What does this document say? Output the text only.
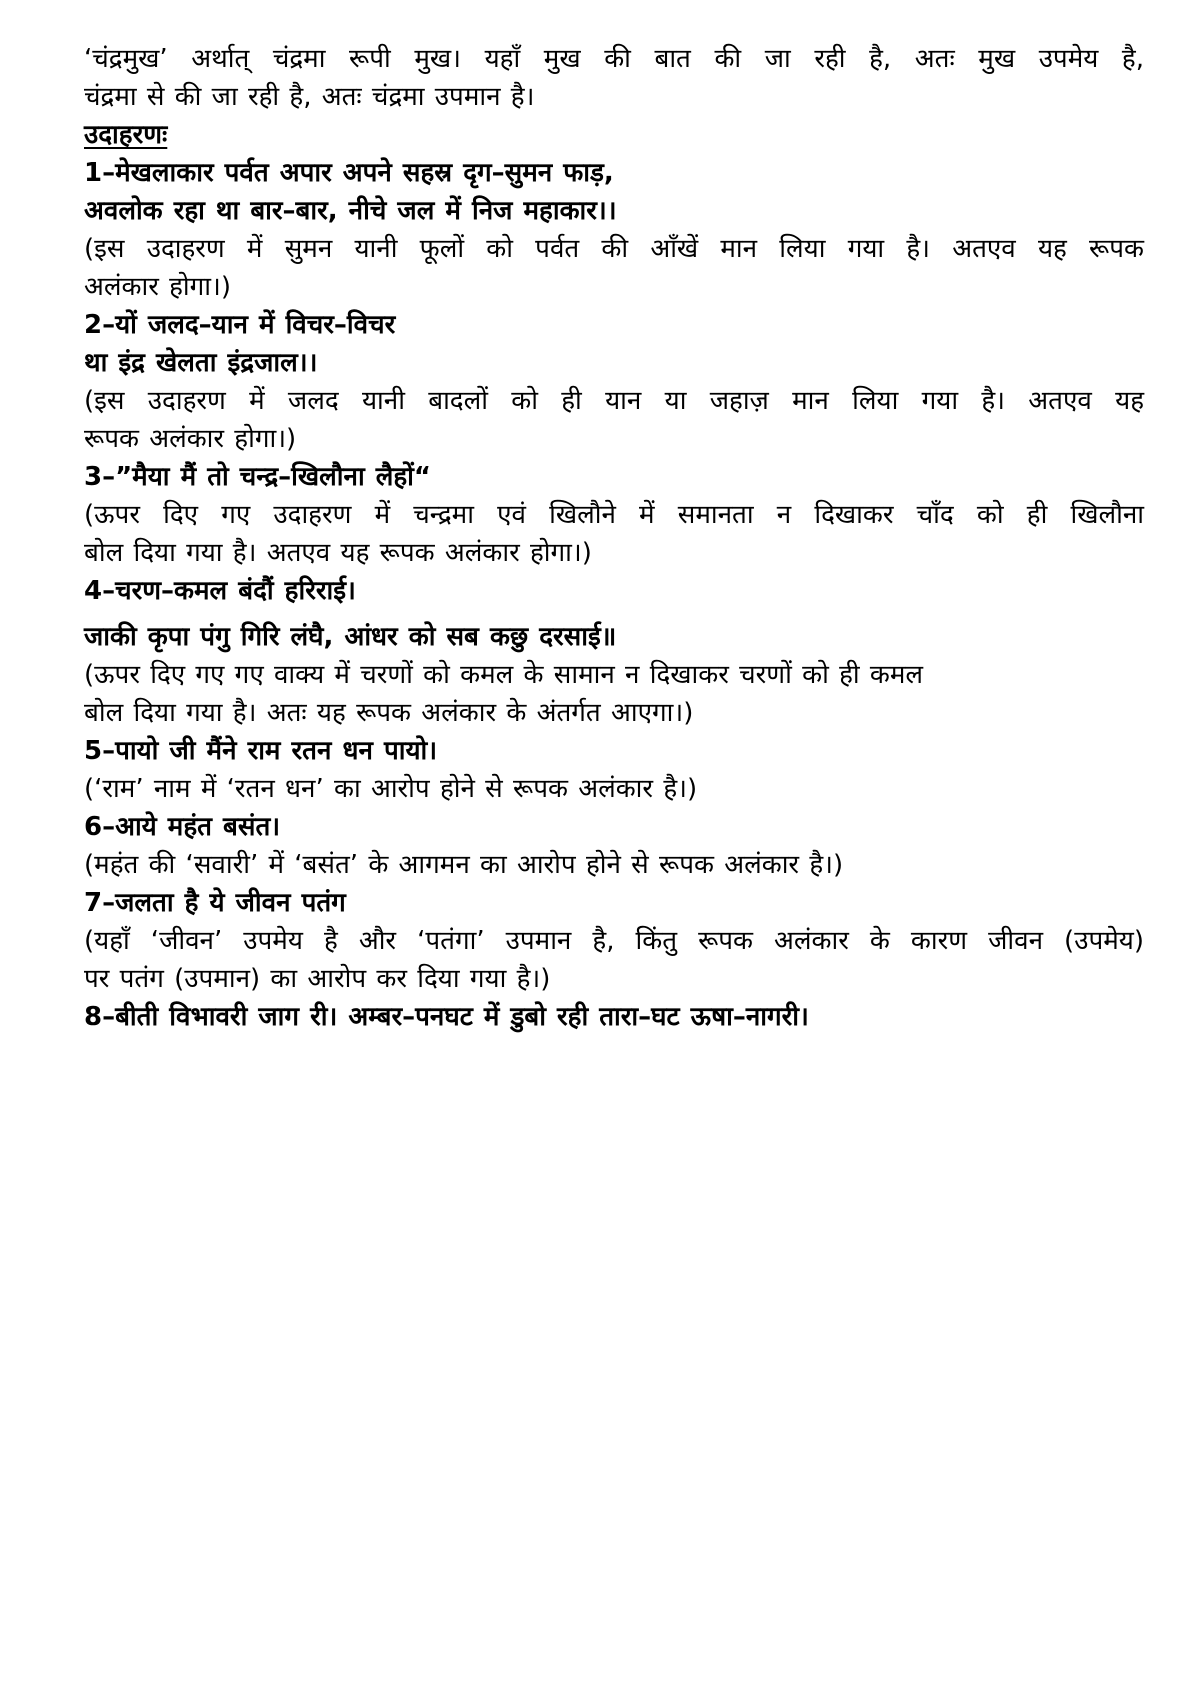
‘चंद्रमुख’ अर्थात् चंद्रमा रूपी मुख। यहाँ मुख की बात की जा रही है, अतः मुख उपमेय है,
चंद्रमा से की जा रही है, अतः चंद्रमा उपमान है।
उदाहरणः
1–मेखलाकार पर्वत अपार अपने सहस्र दृग–सुमन फाड़,
अवलोक रहा था बार–बार, नीचे जल में निज महाकार।।
(इस उदाहरण में सुमन यानी फूलों को पर्वत की आँखें मान लिया गया है। अतएव यह रूपक
अलंकार होगा।)
2–यों जलद–यान में विचर–विचर
था इंद्र खेलता इंद्रजाल।।
(इस उदाहरण में जलद यानी बादलों को ही यान या जहाज़ मान लिया गया है। अतएव यह
रूपक अलंकार होगा।)
3–”मैया मैं तो चन्द्र–खिलौना लैहों“
(ऊपर दिए गए उदाहरण में चन्द्रमा एवं खिलौने में समानता न दिखाकर चाँद को ही खिलौना
बोल दिया गया है। अतएव यह रूपक अलंकार होगा।)
4–चरण–कमल बंदौं हरिराई।
जाकी कृपा पंगु गिरि लंघै, आंधर को सब कछु दरसाई॥
(ऊपर दिए गए गए वाक्य में चरणों को कमल के सामान न दिखाकर चरणों को ही कमल
बोल दिया गया है। अतः यह रूपक अलंकार के अंतर्गत आएगा।)
5–पायो जी मैंने राम रतन धन पायो।
(‘राम’ नाम में ‘रतन धन’ का आरोप होने से रूपक अलंकार है।)
6–आये महंत बसंत।
(महंत की ‘सवारी’ में ‘बसंत’ के आगमन का आरोप होने से रूपक अलंकार है।)
7–जलता है ये जीवन पतंग
(यहाँ ‘जीवन’ उपमेय है और ‘पतंगा’ उपमान है, किंतु रूपक अलंकार के कारण जीवन (उपमेय)
पर पतंग (उपमान) का आरोप कर दिया गया है।)
8–बीती विभावरी जाग री। अम्बर–पनघट में डुबो रही तारा–घट ऊषा–नागरी।
